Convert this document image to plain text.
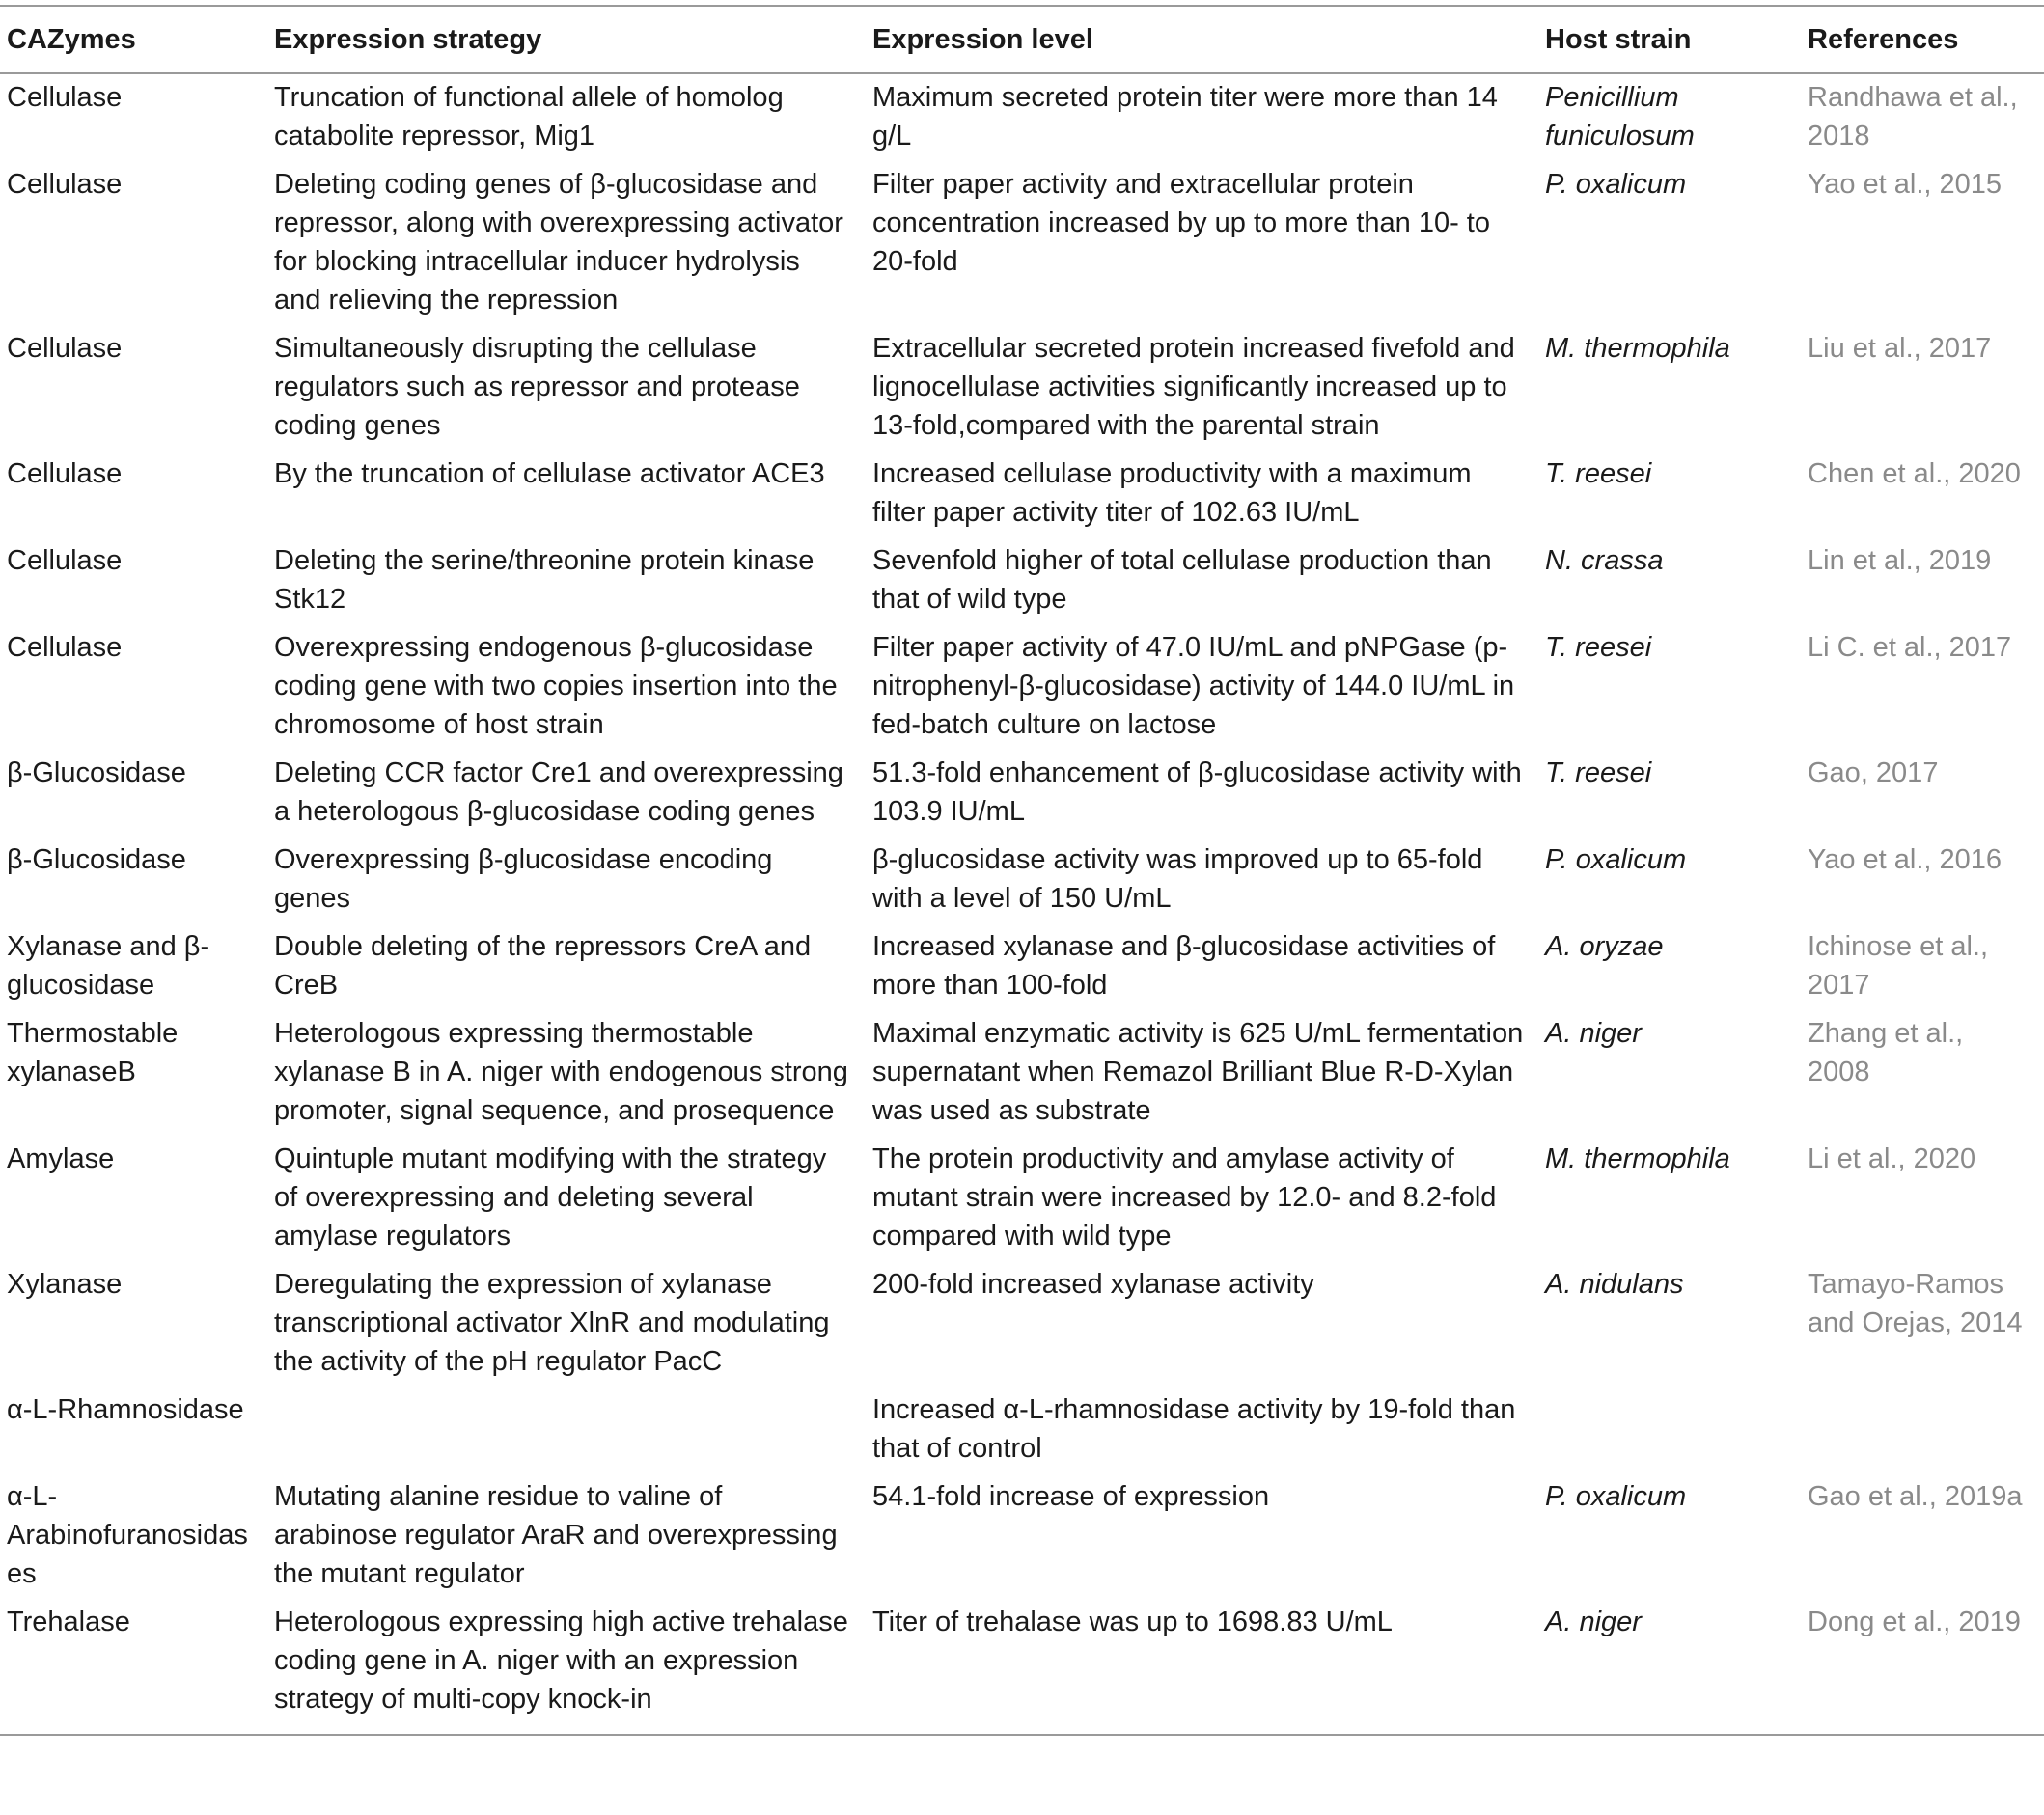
CAZymes	Expression strategy	Expression level	Host strain	References
Cellulase	Truncation of functional allele of homolog catabolite repressor, Mig1	Maximum secreted protein titer were more than 14 g/L	Penicillium funiculosum	Randhawa et al., 2018
Cellulase	Deleting coding genes of β-glucosidase and repressor, along with overexpressing activator for blocking intracellular inducer hydrolysis and relieving the repression	Filter paper activity and extracellular protein concentration increased by up to more than 10- to 20-fold	P. oxalicum	Yao et al., 2015
Cellulase	Simultaneously disrupting the cellulase regulators such as repressor and protease coding genes	Extracellular secreted protein increased fivefold and lignocellulase activities significantly increased up to 13-fold,compared with the parental strain	M. thermophila	Liu et al., 2017
Cellulase	By the truncation of cellulase activator ACE3	Increased cellulase productivity with a maximum filter paper activity titer of 102.63 IU/mL	T. reesei	Chen et al., 2020
Cellulase	Deleting the serine/threonine protein kinase Stk12	Sevenfold higher of total cellulase production than that of wild type	N. crassa	Lin et al., 2019
Cellulase	Overexpressing endogenous β-glucosidase coding gene with two copies insertion into the chromosome of host strain	Filter paper activity of 47.0 IU/mL and pNPGase (p-nitrophenyl-β-glucosidase) activity of 144.0 IU/mL in fed-batch culture on lactose	T. reesei	Li C. et al., 2017
β-Glucosidase	Deleting CCR factor Cre1 and overexpressing a heterologous β-glucosidase coding genes	51.3-fold enhancement of β-glucosidase activity with 103.9 IU/mL	T. reesei	Gao, 2017
β-Glucosidase	Overexpressing β-glucosidase encoding genes	β-glucosidase activity was improved up to 65-fold with a level of 150 U/mL	P. oxalicum	Yao et al., 2016
Xylanase and β-glucosidase	Double deleting of the repressors CreA and CreB	Increased xylanase and β-glucosidase activities of more than 100-fold	A. oryzae	Ichinose et al., 2017
Thermostable xylanaseB	Heterologous expressing thermostable xylanase B in A. niger with endogenous strong promoter, signal sequence, and prosequence	Maximal enzymatic activity is 625 U/mL fermentation supernatant when Remazol Brilliant Blue R-D-Xylan was used as substrate	A. niger	Zhang et al., 2008
Amylase	Quintuple mutant modifying with the strategy of overexpressing and deleting several amylase regulators	The protein productivity and amylase activity of mutant strain were increased by 12.0- and 8.2-fold compared with wild type	M. thermophila	Li et al., 2020
Xylanase	Deregulating the expression of xylanase transcriptional activator XlnR and modulating the activity of the pH regulator PacC	200-fold increased xylanase activity	A. nidulans	Tamayo-Ramos and Orejas, 2014
α-L-Rhamnosidase		Increased α-L-rhamnosidase activity by 19-fold than that of control		
α-L-Arabinofuranosidases	Mutating alanine residue to valine of arabinose regulator AraR and overexpressing the mutant regulator	54.1-fold increase of expression	P. oxalicum	Gao et al., 2019a
Trehalase	Heterologous expressing high active trehalase coding gene in A. niger with an expression strategy of multi-copy knock-in	Titer of trehalase was up to 1698.83 U/mL	A. niger	Dong et al., 2019
